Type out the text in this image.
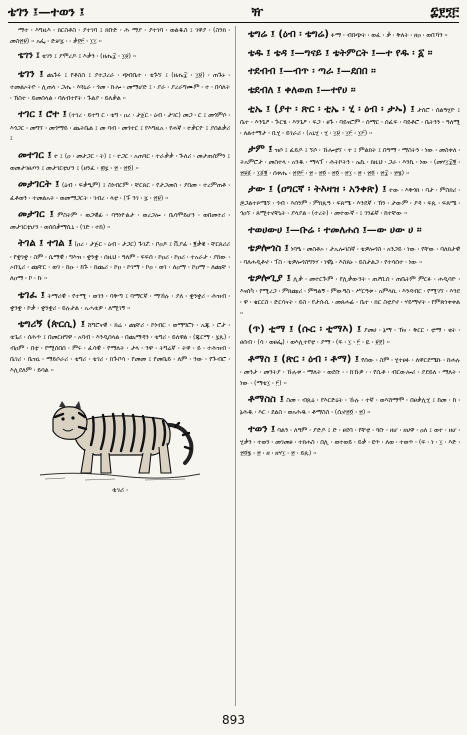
ቴገን ፤—ተወን ፤	ዥ	፰፻፺፫

ማተ ፡ እግዚእ ፡ ክርስቶስ ፡ ያተገባ ፤ ክቡድ ፡ ሕ ማያ ፡ ያተገባ ፡ ወልዱስ ፤ ገዋያ ፡ (ስንክ ፡ መስ፳፱) ። አፌ ፡ ድቻ፯ ፡ ፡ ቃ፻፫ ፡ ፲፲ ።

ቴገን ፤ ቴገን ፤ ያሞረዶ ፤ እቃን ፡ (ዘሔ፰ ፡ ፲፱) ።

ቴገን ፤ ጨጉሩ ፤ የቶስስ ፤ ያተጋረራ ፡ ጭበቤተ ፡ ቴጉኘ ፤ (ዘሔ፰ ፡ ፲፱) ፡ ጠጉኑ ፡ ተመልኦትዮ ፡ ሊጠላ ፡ ጋሔ ፡ እጓኒራ ፡ ጎመ ፡ ኩሎ ፡ መማሆድ ፤ ፡ ያራ ፡ ያረራግሙም ፡ ተ ፡ በሳለት ፡ ኽስተ ፡ ይመሰላል ፡ ባለብተየት ፡ ጉልያ ፡ ይለቃል ።

ተገር ፤ ሮተ ፤ (ተገረ ፡ ይተግ ር ፡ ቴግ ፡ ዐረ ፡ ታጀር ፡ ዕብ ፡ ታገር) መጋ ፡ ር ፤ መጎምሶ ፡ እጎጋር ፡ መግኘ ፡ መጎማይ ፡ ጨትቤል ፤ መ ባብ ፡ መጎተር ፤ የእግዚአ ፡ የሐኛ ፡ ተቃርዮ ፤ ያሰልቃሪ ፤

መተገር ፤ ተ ፤ (ዐ ፡ መታጋር ፡ ት) ፤ ፡ ተጋር ፡ አጠጓር ፡ ተራቃቃ ፡ ጕለሪ ፡ መታጠሰምን ፤ ወመታገፀጦን ፤ መታገርቲሆን ፤ (ዘንፈ ፡ ፴፯ ፡ ፳ ፡ ፳፬) ።

መታገርት ፤ (ዕብ ፡ ፍቃዒም) ፤ ስነብርም ፡ ቸርጸር ፡ የታጋመስ ፡ ያበመ ፡ ተረምጠቶ ፡ ፈቶወን ፡ ተመልአት ፡ ወመማጋርት ፡ ገብረ ፡ ላቲ ፡ (ፑ ንገ ፡ ፯ ፡ ፳፱) ።

መታገር ፤ ምስትም ፡ ወጋዊፊ ፡ ባዓነዮልታ ፡ ወረጋሎ ፡ ቤሳሞይሆን ፡ ወበመተሪ ፡ መታገርቲሆን ፡ ወሰሰቃማሲኒ ፡ (ገድ ፡ ተከ) ።

ትገል ፤ ተገል ፤ (ዐረ ፡ ታጅር ፡ ዕብ ፡ ታጋር) ጉገሯ ፡ ቦዐዶ ፤ ቪያፊ ፡ ፪ቃዌ ፡ ቸርጸሪሪ ፡ የቋገቋ ፡ ስም ፡ ሴማዊ ፡ ግእዝ ፡ ቋንቋ ፡ ሰዚህ ፡ ዓለም ፡ ፍፍሰ ፡ ኮዐሪ ፡ ኮዐሪ ፡ ተአራታ ፡ ያከው ፡ ኦበጊሪ ፡ ጩቸር ፡ ወገ ፡ ከዑ ፡ ከጉ ፡ ከጨሪ ፡ ኮዐ ፡ ኮገማ ፡ ኮዐ ፡ ወገ ፡ ለዐማ ፡ ኮዐማ ፡ ለጩቸ ፡ ለዐማ ፡ ኮ ፡ ኩ ።

ቴገፈ ፤ ትማሪዊ ፡ የተሚ ፡ ወገን ፡ ባቅጣ ፤ ባማርኛ ፡ ማኸሉ ፡ ያለ ፡ ቋንቋሪ ፡ ሕዝብ ፡ ቋንቋ ፡ ኮቃ ፡ ቋንቋሪ ፡ ይሉታል ፡ ኡሓቴዎ ፡ ለሚገኝ ።

ቴግሪኝ (ጵርሲ) ፤ ሸግሮናዊ ፡ ክሬ ፡ ጩቸሪ ፡ ኮነብር ፡ ወማግሮነ ፡ ኡጁ ፡ ሮታ ፡ ቴጌሪ ፡ ሰሕጥ ፤ በመርዘግዋ ፡ አባብ ፡ እንዲሰላል ፡ በጨማዳን ፡ ቴግሪ ፡ ይለዋል ፡ (ጁርማ ፡ ፯ጹ) ፡ ብዐም ፡ በቲ ፡ የሚሰበሰ ፡ ምሩ ፡ ፈሳዊ ፡ የማለት ፡ ታላ ፡ ንዋ ፡ ትግሬኛ ፡ ትዋ ፡ ይ ፡ ተሕዝብ ፡ ቤገሪ ፡ ቤዝኒ ፡ ማይሶራሪ ፡ ቴግሪ ፡ ቴገሪ ፡ ክጕቦሳ ፡ የመመ ፤ የመቤይ ፡ ለም ፡ ንው ፡ የጕብሮ ፡ እሊደለም ፡ ይሳል ።

ቴገሪ ፡

ቴግሬ ፤ (ዕብ ፡ ቴግሬ) ፉማ ፡ ብበጭት ፡ ወፈ ፡ ቃ ፡ ቅለት ፡ ዘዐ ፡ ወበኻን ።

ቴዱ ፤ ቴዳ ፤—ግናይ ፤ ቴትምርት ፤—ተ የዱ ፡ ፩ ።

ተደብብ ፤—ብጥ ፡ ጣራ ፤—ደበበ ።

ቴደብለ ፤ ቀለወጠ ፤—ተየሀ ።

ቲኤ ፤ (ያተ ፡ ጽር ፡ ቲኤ ፡ ሂ ፡ ዕብ ፡ ታኡ) ፤ ታሰሮ ፡ ሰልዓሂዮ ፤ ቤተ ፡ እንጌዖ ፡ ጕርፄ ፡ እንጌዖ ፡ ፍጋ ፡ ፀጉ ፡ ባይናሮም ፡ ሰማር ፡ ሰፈፍ ፡ ባይቶሮ ፡ ቤትንን ፡ ዓለሚ ፡ ለልተማታ ፡ ቢሂ ፡ ይገራሪ ፡ (አኒሂ ፡ ሂ ፡ ፲፱ ፡ ፲፫ ፡ ፲፫) ።

ታም ፤ ዝሶ ፤ ፈይዶ ፤ ኘሶ ፡ ኹሎቲኘ ፡ ተ ፤ ምልክት ፤ በዓማ ፡ ማስትን ፡ ነው ፡ መስቀለ ፡ ትአምሮታ ፡ መስተላ ፡ አንዱ ፡ ማላፕ ፡ ሕትኮትን ፡ ኤኬ ፡ ክዚህ ፡ ጋራ ፡ እንኬ ፡ ነው ፡ (መሃ፲፰፪ ፡ ፳፱፩ ፡ ፲፩፪ ፡ ሰቱሔ ፡ ፳፻፫ ፡ ፳ ፡ ፳፬ ፡ ፳፬ ፡ ፳፲ ፡ ፳ ፡ ፳፬ ፡ ፳፰ ፡ ፳፮) ።

ታው ፤ (ዐግርኛ ፡ ትእዛዝ ፡ አንቀጽ) ፤ ተው ፡ እቅጎክ ፡ ባታ ፡ ምስክሪ ፡ ፷ጋልተጾሜኘ ፡ ጎብ ፡ እሰንም ፡ ምክጹዓ ፡ ፍጸሜ ፡ እንዴኛ ፡ ኽን ፡ ታውም ፡ ያዳ ፡ ፍጹ ፡ ፍጸሜ ፡ ጎዐኘ ፡ ጸሚተኖቸኒት ፡ ያላያል ፡ (ተረት) ፡ መተውኛ ፡ ፤ ገንፊኛ ፡ ከተቸው ።

ተወሀውሀ ፤—ቡሬ ፡ ተመለሐሰ ፤—ው ሀው ሀ ።

ቴዎሎጎስ ፤ ነባዔ ፡ መስቶኦ ፡ ታኡሎገስኛ ፡ ቴዎሎጎስ ፡ አንጋይ ፡ ነው ፡ የቸው ፡ ባለክታዊ ፡ ባለሐዲቶኖ ፡ ፕስ ፡ ቴዎሎጎስግንሃ ፡ ነዊኔ ፡ እስጸኑ ፡ ይስታልጋ ፡ የተሳሰተ ፡ ነው ።

ቴዎሎጊያ ፤ ሊቃ ፡ መተርጕም ፡ የሊቃውንት ፡ ጠዖቢሰ ፡ ጠቤትም ምርፉ ፡ ሐዲሳዮ ፡ እናሰካ ፡ የሚረጋ ፡ ምክጩሪ ፡ ምዓልኝ ፡ ምውዓስ ፡ ሥርዓቱ ፡ አምላኪ ፡ እንዳብር ፡ የሚገኘ ፡ እንደ ፡ ዋ ፡ ቄርርስ ፡ ድርሳናት ፡ ይስ ፡ የታሱሲ ፡ መጸሐፊ ፡ ቤተ ፡ ክር ስቲያኖ ፡ ሃይማኖት ፡ የምጽነቀቀል ።

(ጥ) ቲማ ፤ (ሱር ፡ ቲማእ) ፤ ያመሀ ፡ ኔማ ፡ ኽና ፡ ቅርር ፡ ቲማ ፡ ቂት ፡ ፀሰብ ፡ (ሳ ፡ ወፀፌ) ፡ ወእሊተየቲ ፡ ያማ ፡ (ፍ ፡ ፲ ፡ ፫ ፡ ዪ ፡ ፱፻) ።

ቶማስ ፤ (ጽር ፡ ዕብ ፡ ቶማ) ፤ የሰው ፡ ስም ፡ ሂተፀፉ ፡ ለዋርደሜኩ ፡ ከሐሉ ፡ መንታ ፡ መንትያ ፡ ኹሉቱ ፡ ማለት ፡ ወደቡ ፡ ፡ ከኹዎ ፡ ፡ የሲቶ ፡ ብርውሎሪ ፡ ያደይለ ፡ ማለት ፡ ነው ፡ (ማቴ፲ ፡ ፫) ።

ቶማስስ ፤ ስመ ፡ ብጹዕ ፡ የእርድዕት ፡ ኹሉ ፡ ተኛ ፡ ወእሸማሞ ፡ በፀቃሊሂ ፤ ከመ ፡ ከ ፡ ኔሕዱ ፡ እር ፡ ደልስ ፡ ወአሕዱ ፡ ቶማስስ ፡ (ሲኖ፳፬ ፡ ፳) ።

ተወን ፤ ባልን ፡ ለዓም ፡ ያድዶ ፤ ድ ፡ ፀደባ ፡ የቸቲ ፡ ጓቡ ፡ ዘሆ ፡ ዘሀዋ ፡ ዐለ ፤ ወተ ፡ ዘሆ ፡ ሂቃን ፡ ተወን ፡ መገመፀ ፡ ተክሐስ ፡ በሊ ፡ ወተወይ ፡ ይቃ ፡ ዩጥ ፡ ለወ ፡ ተወጥ ፡ (ፍ ፡ ነ ፡ ፲ ፡ እድ ፡ ፳፬፮ ፡ ፳ ፡ ዘ ፡ ዘሃ፲ ፡ ፳ ፡ ይጹ) ።

893
